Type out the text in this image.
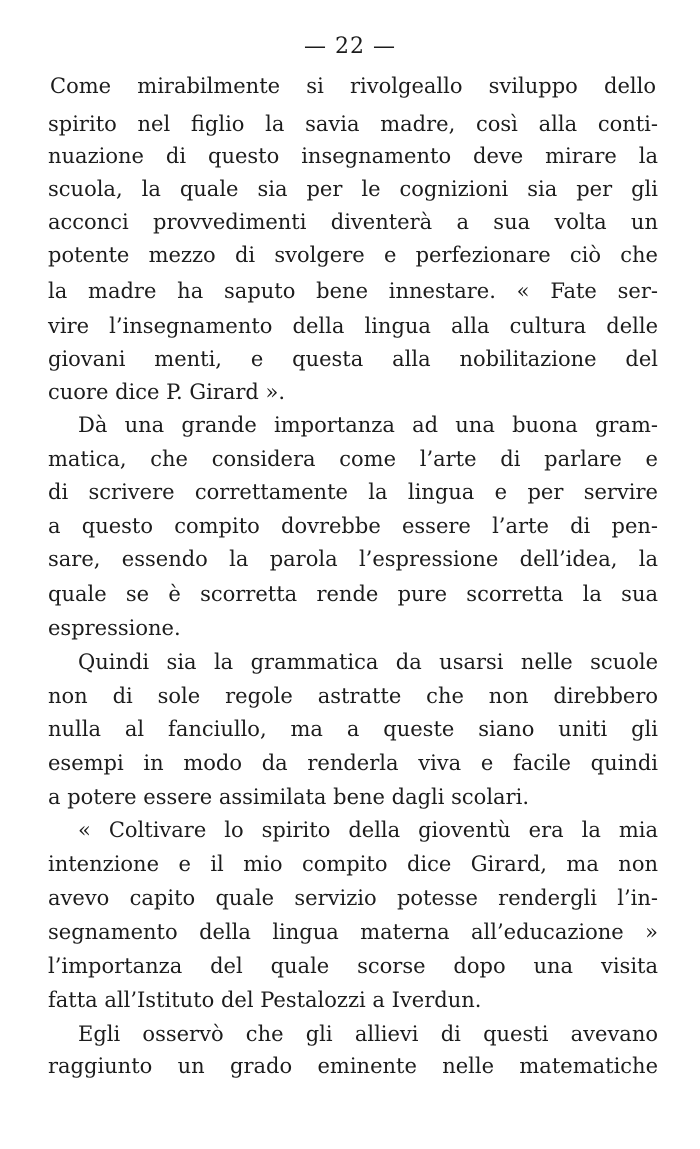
— 22 —
Come mirabilmente si rivolgeallo sviluppo dello
spirito nel figlio la savia madre, così alla conti-
nuazione di questo insegnamento deve mirare la
scuola, la quale sia per le cognizioni sia per gli
acconci provvedimenti diventerà a sua volta un
potente mezzo di svolgere e perfezionare ciò che
la madre ha saputo bene innestare. « Fate ser-
vire l’insegnamento della lingua alla cultura delle
giovani menti, e questa alla nobilitazione del
cuore dice P. Girard ».
Dà una grande importanza ad una buona gram-
matica, che considera come l’arte di parlare e
di scrivere correttamente la lingua e per servire
a questo compito dovrebbe essere l’arte di pen-
sare, essendo la parola l’espressione dell’idea, la
quale se è scorretta rende pure scorretta la sua
espressione.
Quindi sia la grammatica da usarsi nelle scuole
non di sole regole astratte che non direbbero
nulla al fanciullo, ma a queste siano uniti gli
esempi in modo da renderla viva e facile quindi
a potere essere assimilata bene dagli scolari.
« Coltivare lo spirito della gioventù era la mia
intenzione e il mio compito dice Girard, ma non
avevo capito quale servizio potesse rendergli l’in-
segnamento della lingua materna all’educazione »
l’importanza del quale scorse dopo una visita
fatta all’Istituto del Pestalozzi a Iverdun.
Egli osservò che gli allievi di questi avevano
raggiunto un grado eminente nelle matematiche
